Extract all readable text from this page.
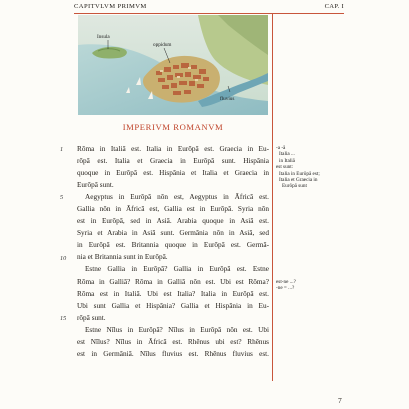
CAPITVLVM PRIMVM	CAP. I
Insula
oppidum
fluvius
IMPERIVM ROMANVM
1
5
10
15

Rōma in Italiā est. Italia in Eurōpā est. Graecia in Eu-
rōpā est. Italia et Graecia in Eurōpā sunt. Hispānia
quoque in Eurōpā est. Hispānia et Italia et Graecia in
Eurōpā sunt.

Aegyptus in Eurōpā nōn est, Aegyptus in Āfricā est.
Gallia nōn in Āfricā est, Gallia est in Eurōpā. Syria nōn
est in Eurōpā, sed in Asiā. Arabia quoque in Asiā est.
Syria et Arabia in Asiā sunt. Germānia nōn in Asiā, sed
in Eurōpā est. Britannia quoque in Eurōpā est. Germā-
nia et Britannia sunt in Eurōpā.

Estne Gallia in Eurōpā? Gallia in Eurōpā est. Estne
Rōma in Galliā? Rōma in Galliā nōn est. Ubi est Rōma?
Rōma est in Italiā. Ubi est Italia? Italia in Eurōpā est.
Ubi sunt Gallia et Hispānia? Gallia et Hispānia in Eu-
rōpā sunt.

Estne Nīlus in Eurōpā? Nīlus in Eurōpā nōn est. Ubi
est Nīlus? Nīlus in Āfricā est. Rhēnus ubi est? Rhēnus
est in Germāniā. Nīlus fluvius est. Rhēnus fluvius est.

-a -ā
Italia ...
in Italiā
est sunt:
Italia in Eurōpā est;
Italia et Graecia in
Eurōpā sunt
est-ne ...?
-ne = ...?
7
